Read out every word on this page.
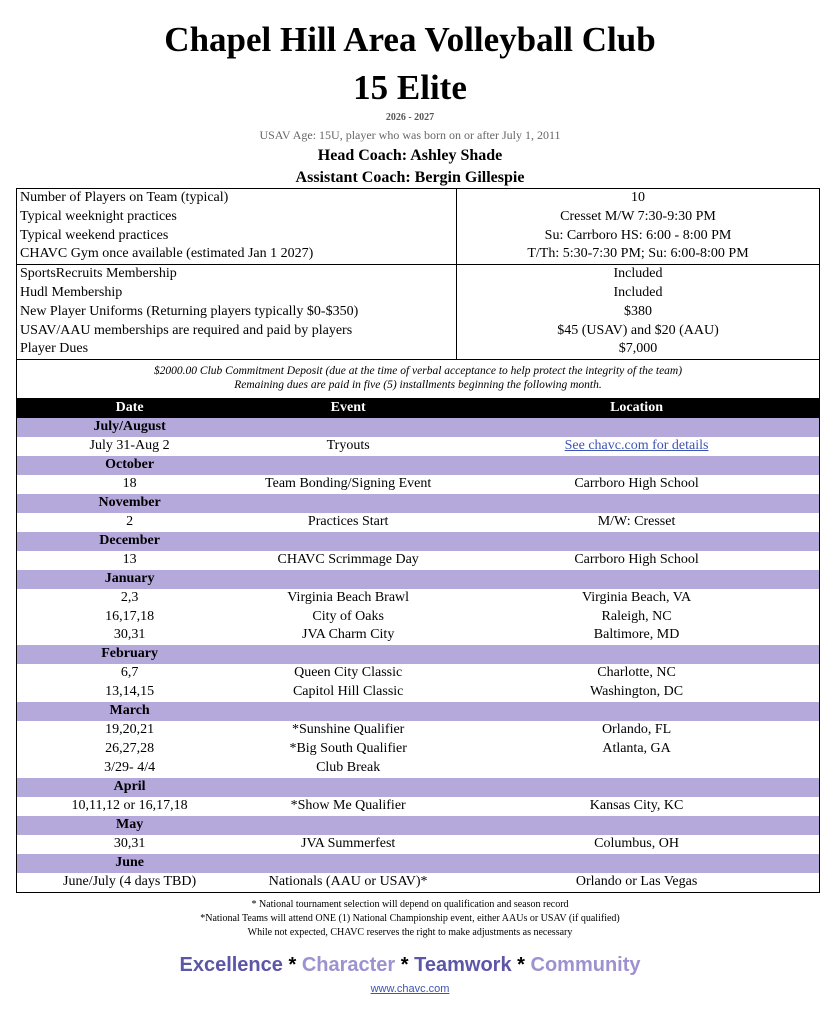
Chapel Hill Area Volleyball Club
15 Elite
2026 - 2027
USAV Age: 15U, player who was born on or after July 1, 2011
Head Coach: Ashley Shade
Assistant Coach: Bergin Gillespie
Number of Players on Team (typical)	10
Typical weeknight practices	Cresset M/W 7:30-9:30 PM
Typical weekend practices	Su: Carrboro HS: 6:00 - 8:00 PM
CHAVC Gym once available (estimated Jan 1 2027)	T/Th: 5:30-7:30 PM; Su: 6:00-8:00 PM
SportsRecruits Membership	Included
Hudl Membership	Included
New Player Uniforms (Returning players typically $0-$350)	$380
USAV/AAU memberships are required and paid by players	$45 (USAV) and $20 (AAU)
Player Dues	$7,000
$2000.00 Club Commitment Deposit (due at the time of verbal acceptance to help protect the integrity of the team)
Remaining dues are paid in five (5) installments beginning the following month.
Date	Event	Location
July/August		
July 31-Aug 2	Tryouts	See chavc.com for details
October		
18	Team Bonding/Signing Event	Carrboro High School
November		
2	Practices Start	M/W: Cresset
December		
13	CHAVC Scrimmage Day	Carrboro High School
January		
2,3	Virginia Beach Brawl	Virginia Beach, VA
16,17,18	City of Oaks	Raleigh, NC
30,31	JVA Charm City	Baltimore, MD
February		
6,7	Queen City Classic	Charlotte, NC
13,14,15	Capitol Hill Classic	Washington, DC
March		
19,20,21	*Sunshine Qualifier	Orlando, FL
26,27,28	*Big South Qualifier	Atlanta, GA
3/29- 4/4	Club Break	
April		
10,11,12 or 16,17,18	*Show Me Qualifier	Kansas City, KC
May		
30,31	JVA Summerfest	Columbus, OH
June		
June/July (4 days TBD)	Nationals (AAU or USAV)*	Orlando or Las Vegas
* National tournament selection will depend on qualification and season record
*National Teams will attend ONE (1) National Championship event, either AAUs or USAV (if qualified)
While not expected, CHAVC reserves the right to make adjustments as necessary
Excellence * Character * Teamwork * Community
www.chavc.com
